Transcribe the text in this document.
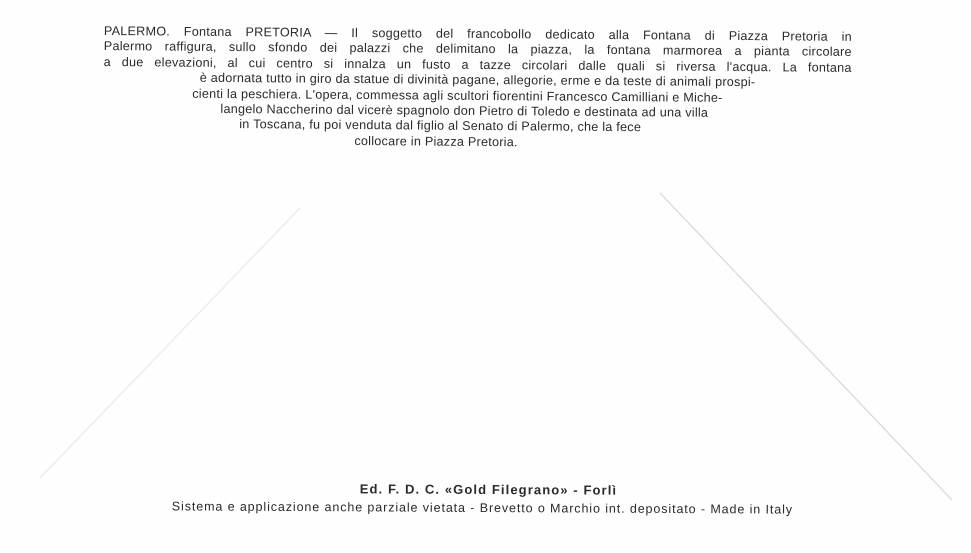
PALERMO. Fontana PRETORIA — Il soggetto del francobollo dedicato alla Fontana di Piazza Pretoria in
Palermo raffigura, sullo sfondo dei palazzi che delimitano la piazza, la fontana marmorea a pianta circolare
a due elevazioni, al cui centro si innalza un fusto a tazze circolari dalle quali si riversa l'acqua. La fontana
è adornata tutto in giro da statue di divinità pagane, allegorie, erme e da teste di animali prospi-
cienti la peschiera. L'opera, commessa agli scultori fiorentini Francesco Camilliani e Miche-
langelo Naccherino dal vicerè spagnolo don Pietro di Toledo e destinata ad una villa
in Toscana, fu poi venduta dal figlio al Senato di Palermo, che la fece
collocare in Piazza Pretoria.
Ed. F. D. C. «Gold Filegrano» - Forlì
Sistema e applicazione anche parziale vietata - Brevetto o Marchio int. depositato - Made in Italy
